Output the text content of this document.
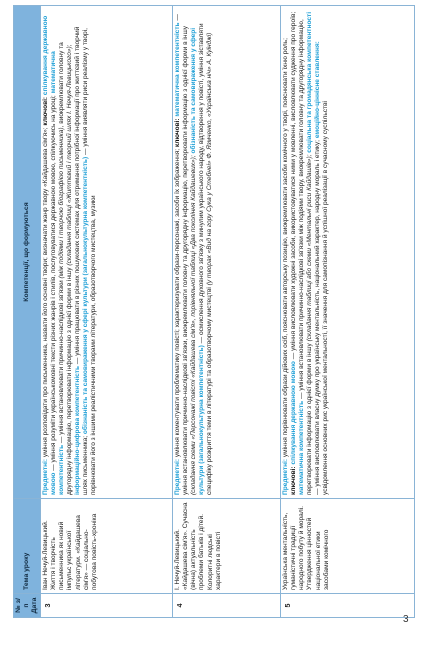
№ з/п Дата	Тема уроку	Компетенції, що формуються
3	Іван Нечуй-Левицький. Життя і творчість письменника як новий імпульс української літератури. «Кайдашева сім'я» — соціально-побутова повість-хроніка	Предметні: уміння розповідати про письменника, назвати його основні твори; визначати жанр твору «Кайдашева сім'я»; ключові: спілкування державною мовою — уміння розуміти українськомовні тексти різних жанрів і стилів, послуговуватися державною мовою, спілкуючись на уроці; математична компетентність — уміння встановлювати причинно-наслідкові зв'язки (між подіями і творчою біографією письменника), виокремлювати головну та другорядну інформацію, перетворювати інформацію з однієї форми в іншу (складання таблиці «Життєвий і творчий шлях І. Нечуя-Левицького»); інформаційно-цифрова компетентність — уміння працювати в різних пошукових системах для отримання потрібної інформації про життєвий і творчий шлях письменника; обізнаність та самовираження у сфері культури (загальнокультурна компетентність) — уміння виявляти риси реалізму у творі, порівнювати його з іншими реалістичними творами літератури, образотворчого мистецтва, музики
4	І. Нечуй-Левицький. «Кайдашева сім'я». Сучасна (вічна) актуальність проблеми батьків і дітей. Колоритні людські характери в повісті	Предметні: уміння коментувати проблематику повісті; характеризувати образи-персонажі, засоби їх зображення; ключові: математична компетентність — уміння встановлювати причинно-наслідкові зв'язки, виокремлювати головну та другорядну інформацію, перетворювати інформацію з однієї форми в іншу (складання схеми «Персонажі повісті «Кайдашева сім'я», порівняльної таблиці «Два покоління Кайдашевих»); обізнаність та самовираження у сфері культури (загальнокультурна компетентність) — осмислення духовного зв'язку з минулим українського народу, відтворення у повісті, уміння зіставляти специфіку розкриття теми в літературі та образотворчому мистецтві (у творах «Вид на гору Сука у Стебнеі» Ф. Язмченко, «Українська ніч» А. Куїнджі)
5	Українська ментальність, гуманістичні традиції народного побуту й моралі. Утвердження цінностей національної етики засобами комічного	Предметні: уміння порівнювати образи дійових осіб, пояснювати авторську позицію, виокремлювати засоби комічного у творі, пояснювати їхню роль; ключові: спілкування державною мовою — уміння висловлювати художні засоби, використовуватися ними у мовленні, висловлювати судження про героїв; математична компетентність — уміння встановлювати причинно-наслідкові зв'язки між подіями твору, виокремлювати головну та другорядну інформацію, перетворювати інформацію з однієї форми в іншу (складання таблиці або схеми «Ментальні риси Кайдашів»); соціальна та громадянська компетентності — уміння висловлювати власну думку про українську ментальність, національний характер, народну мораль і етику; емоційно-ціннісне ставлення: усвідомлення основних рис української ментальності, її значення для самопізнання й успішної реалізації в сучасному суспільстві
3
